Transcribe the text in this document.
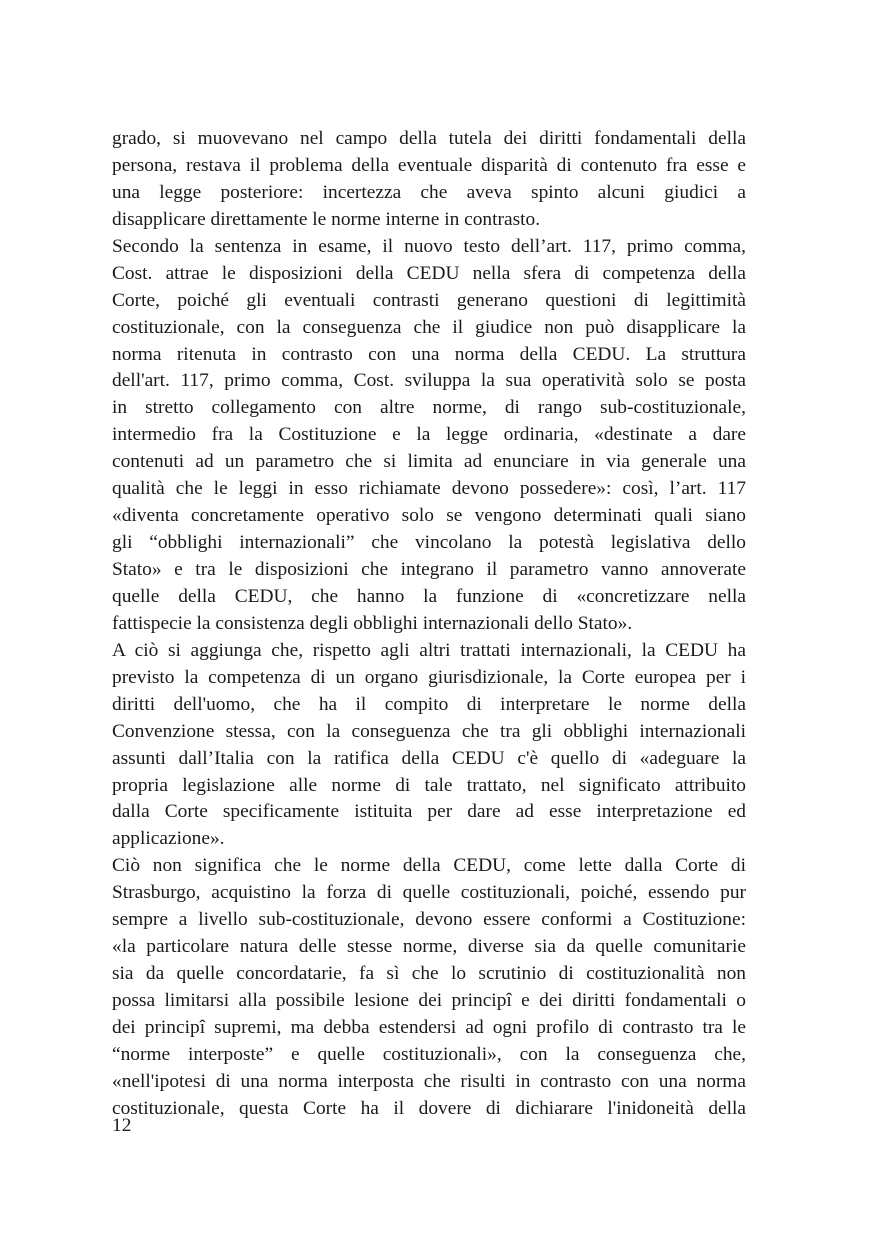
grado, si muovevano nel campo della tutela dei diritti fondamentali della
persona, restava il problema della eventuale disparità di contenuto fra esse e
una legge posteriore: incertezza che aveva spinto alcuni giudici a
disapplicare direttamente le norme interne in contrasto.
Secondo la sentenza in esame, il nuovo testo dell’art. 117, primo comma,
Cost. attrae le disposizioni della CEDU nella sfera di competenza della
Corte, poiché gli eventuali contrasti generano questioni di legittimità
costituzionale, con la conseguenza che il giudice non può disapplicare la
norma ritenuta in contrasto con una norma della CEDU. La struttura
dell'art. 117, primo comma, Cost. sviluppa la sua operatività solo se posta
in stretto collegamento con altre norme, di rango sub-costituzionale,
intermedio fra la Costituzione e la legge ordinaria, «destinate a dare
contenuti ad un parametro che si limita ad enunciare in via generale una
qualità che le leggi in esso richiamate devono possedere»: così, l’art. 117
«diventa concretamente operativo solo se vengono determinati quali siano
gli “obblighi internazionali” che vincolano la potestà legislativa dello
Stato» e tra le disposizioni che integrano il parametro vanno annoverate
quelle della CEDU, che hanno la funzione di «concretizzare nella
fattispecie la consistenza degli obblighi internazionali dello Stato».
A ciò si aggiunga che, rispetto agli altri trattati internazionali, la CEDU ha
previsto la competenza di un organo giurisdizionale, la Corte europea per i
diritti dell'uomo, che ha il compito di interpretare le norme della
Convenzione stessa, con la conseguenza che tra gli obblighi internazionali
assunti dall’Italia con la ratifica della CEDU c'è quello di «adeguare la
propria legislazione alle norme di tale trattato, nel significato attribuito
dalla Corte specificamente istituita per dare ad esse interpretazione ed
applicazione».
Ciò non significa che le norme della CEDU, come lette dalla Corte di
Strasburgo, acquistino la forza di quelle costituzionali, poiché, essendo pur
sempre a livello sub-costituzionale, devono essere conformi a Costituzione:
«la particolare natura delle stesse norme, diverse sia da quelle comunitarie
sia da quelle concordatarie, fa sì che lo scrutinio di costituzionalità non
possa limitarsi alla possibile lesione dei principî e dei diritti fondamentali o
dei principî supremi, ma debba estendersi ad ogni profilo di contrasto tra le
“norme interposte” e quelle costituzionali», con la conseguenza che,
«nell'ipotesi di una norma interposta che risulti in contrasto con una norma
costituzionale, questa Corte ha il dovere di dichiarare l'inidoneità della
12
